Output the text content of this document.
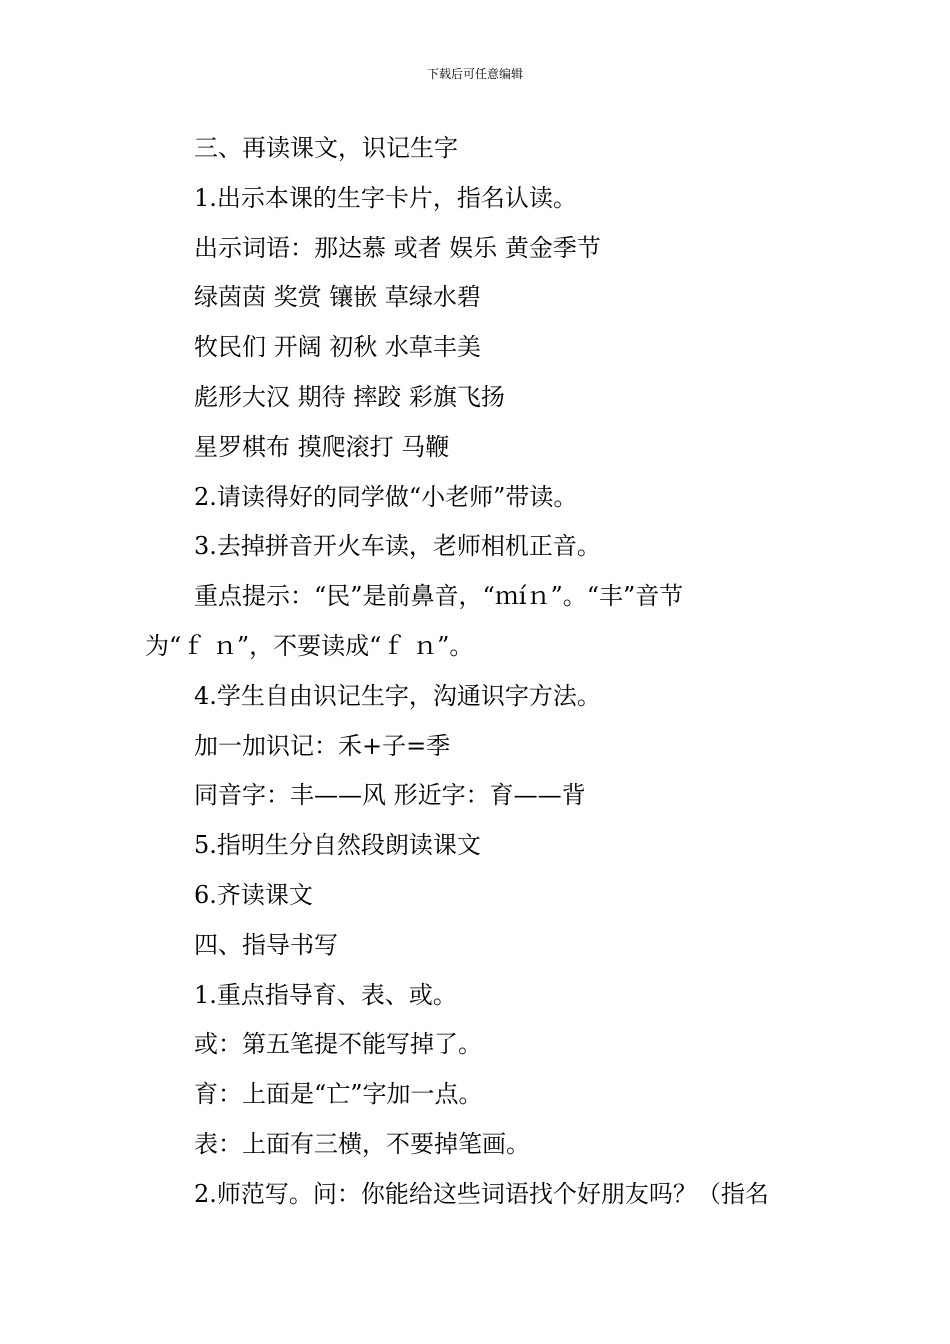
下载后可任意编辑
三、再读课文，识记生字
1.出示本课的生字卡片，指名认读。
出示词语：那达慕 或者 娱乐 黄金季节
绿茵茵 奖赏 镶嵌 草绿水碧
牧民们 开阔 初秋 水草丰美
彪形大汉 期待 摔跤 彩旗飞扬
星罗棋布 摸爬滚打 马鞭
2.请读得好的同学做“小老师”带读。
3.去掉拼音开火车读，老师相机正音。
重点提示：“民”是前鼻音，“ｍíｎ”。“丰”音节
为“ｆ ｎ”，不要读成“ｆ ｎ”。
4.学生自由识记生字，沟通识字方法。
加一加识记：禾+子=季
同音字：丰——风 形近字：育——背
5.指明生分自然段朗读课文
6.齐读课文
四、指导书写
1.重点指导育、表、或。
或：第五笔提不能写掉了。
育：上面是“亡”字加一点。
表：上面有三横，不要掉笔画。
2.师范写。问：你能给这些词语找个好朋友吗？（指名
